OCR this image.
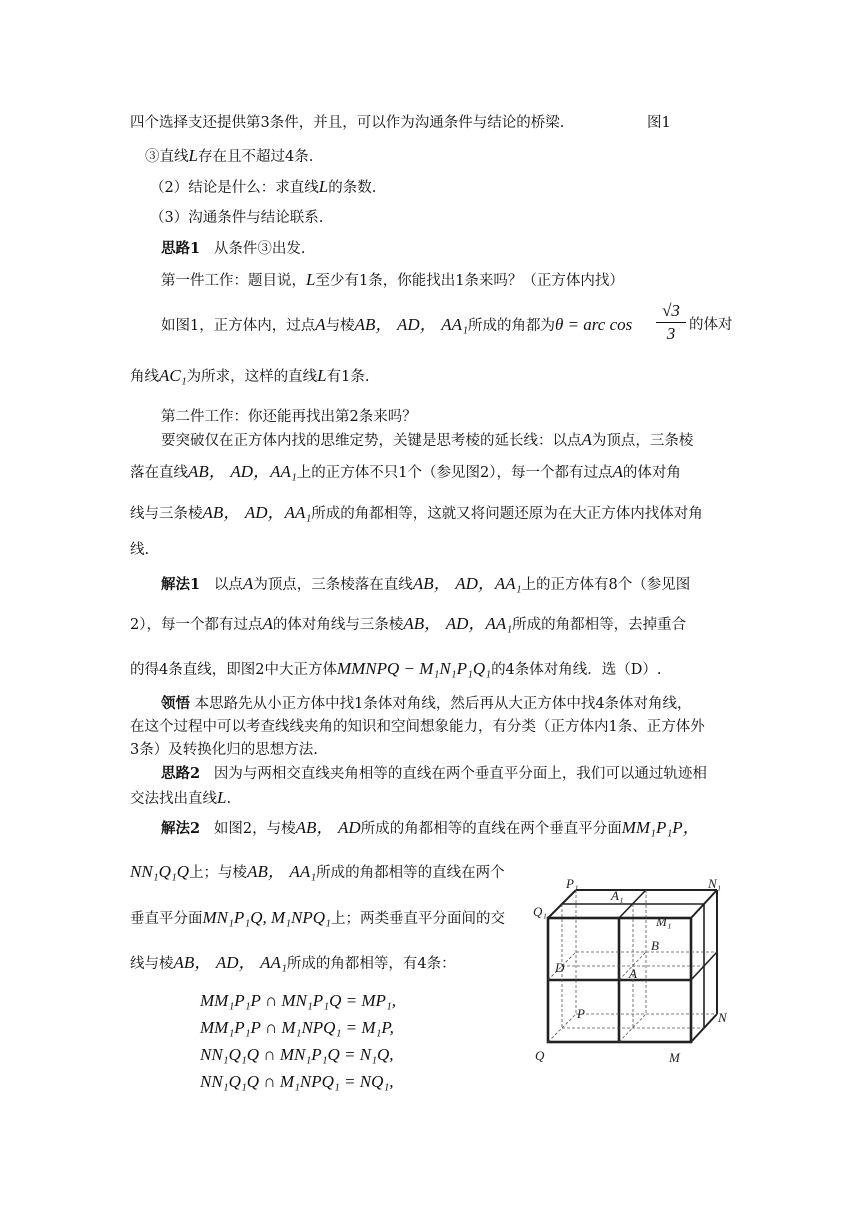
四个选择支还提供第3条件，并且，可以作为沟通条件与结论的桥梁.	图1
③直线L存在且不超过4条.
（2）结论是什么：求直线L的条数.
（3）沟通条件与结论联系.
思路1 从条件③出发.
第一件工作：题目说，L至少有1条，你能找出1条来吗？（正方体内找）
如图1，正方体内，过点A与棱AB， AD， AA₁所成的角都为θ = arc $\cos \frac{√3}{3}$ 的体对
角线AC₁为所求，这样的直线L有1条.
第二件工作：你还能再找出第2条来吗？
要突破仅在正方体内找的思维定势，关键是思考棱的延长线：以点A为顶点，三条棱
落在直线AB， AD，AA₁上的正方体不只1个（参见图2），每一个都有过点A的体对角
线与三条棱AB， AD，AA₁所成的角都相等，这就又将问题还原为在大正方体内找体对角
线.
解法1 以点A为顶点，三条棱落在直线AB， AD，AA₁上的正方体有8个（参见图
2），每一个都有过点A的体对角线与三条棱AB， AD，AA₁所成的角都相等，去掉重合
的得4条直线，即图2中大正方体MMNPQ − M₁N₁P₁Q₁的4条体对角线．选（D）.
领悟 本思路先从小正方体中找1条体对角线，然后再从大正方体中找4条体对角线，
在这个过程中可以考查线线夹角的知识和空间想象能力，有分类（正方体内1条、正方体外
3条）及转换化归的思想方法.
思路2 因为与两相交直线夹角相等的直线在两个垂直平分面上，我们可以通过轨迹相
交法找出直线L.
解法2 如图2，与棱AB， AD所成的角都相等的直线在两个垂直平分面MM₁P₁P，
NN₁Q₁Q上；与棱AB， AA₁所成的角都相等的直线在两个
垂直平分面MN₁P₁Q, M₁NPQ₁上；两类垂直平分面间的交
线与棱AB， AD， AA₁所成的角都相等，有4条：
MM₁P₁P ∩ MN₁P₁Q = MP₁,
MM₁P₁P ∩ M₁NPQ₁ = M₁P,
NN₁Q₁Q ∩ MN₁P₁Q = N₁Q,
NN₁Q₁Q ∩ M₁NPQ₁ = NQ₁,
P₁
A₁
N₁
Q₁
M₁
B
D	A
P	N
Q	M
